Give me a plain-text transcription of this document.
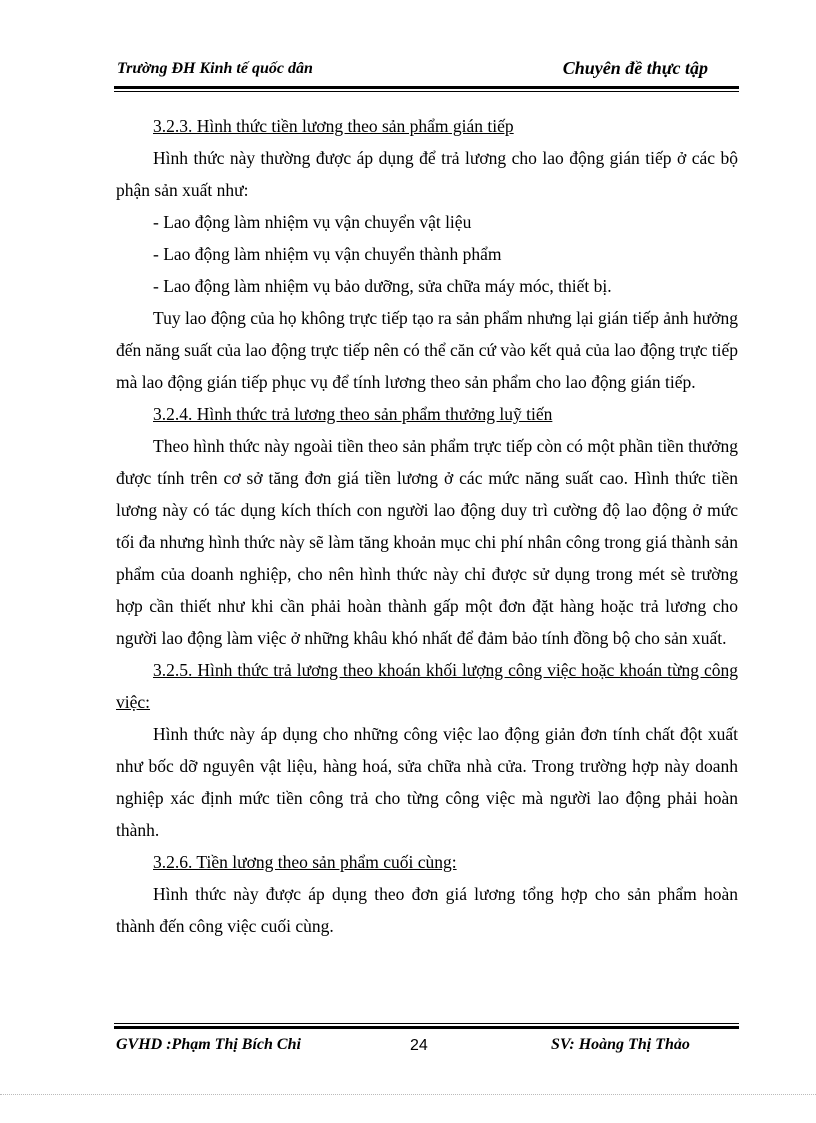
Trường ĐH Kinh tế quốc dân	Chuyên đề thực tập

3.2.3. Hình thức tiền lương theo sản phẩm gián tiếp

Hình thức này thường được áp dụng để trả lương cho lao động gián tiếp ở các bộ phận sản xuất như:

- Lao động làm nhiệm vụ vận chuyển vật liệu

- Lao động làm nhiệm vụ vận chuyển thành phẩm

- Lao động làm nhiệm vụ bảo dưỡng, sửa chữa máy móc, thiết bị.

Tuy lao động của họ không trực tiếp tạo ra sản phẩm nhưng lại gián tiếp ảnh hưởng đến năng suất của lao động trực tiếp nên có thể căn cứ vào kết quả của lao động trực tiếp mà lao động gián tiếp phục vụ để tính lương theo sản phẩm cho lao động gián tiếp.

3.2.4. Hình thức trả lương theo sản phẩm thưởng luỹ tiến

Theo hình thức này ngoài tiền theo sản phẩm trực tiếp còn có một phần tiền thưởng được tính trên cơ sở tăng đơn giá tiền lương ở các mức năng suất cao. Hình thức tiền lương này có tác dụng kích thích con người lao động duy trì cường độ lao động ở mức tối đa nhưng hình thức này sẽ làm tăng khoản mục chi phí nhân công trong giá thành sản phẩm của doanh nghiệp, cho nên hình thức này chỉ được sử dụng trong mét sè trường hợp cần thiết như khi cần phải hoàn thành gấp một đơn đặt hàng hoặc trả lương cho người lao động làm việc ở những khâu khó nhất để đảm bảo tính đồng bộ cho sản xuất.

3.2.5. Hình thức trả lương theo khoán khối lượng công việc hoặc khoán từng công việc:

Hình thức này áp dụng cho những công việc lao động giản đơn tính chất đột xuất như bốc dỡ nguyên vật liệu, hàng hoá, sửa chữa nhà cửa. Trong trường hợp này doanh nghiệp xác định mức tiền công trả cho từng công việc mà người lao động phải hoàn thành.

3.2.6. Tiền lương theo sản phẩm cuối cùng:

Hình thức này được áp dụng theo đơn giá lương tổng hợp cho sản phẩm hoàn thành đến công việc cuối cùng.

GVHD :Phạm Thị Bích Chi	24	SV: Hoàng Thị Thảo
